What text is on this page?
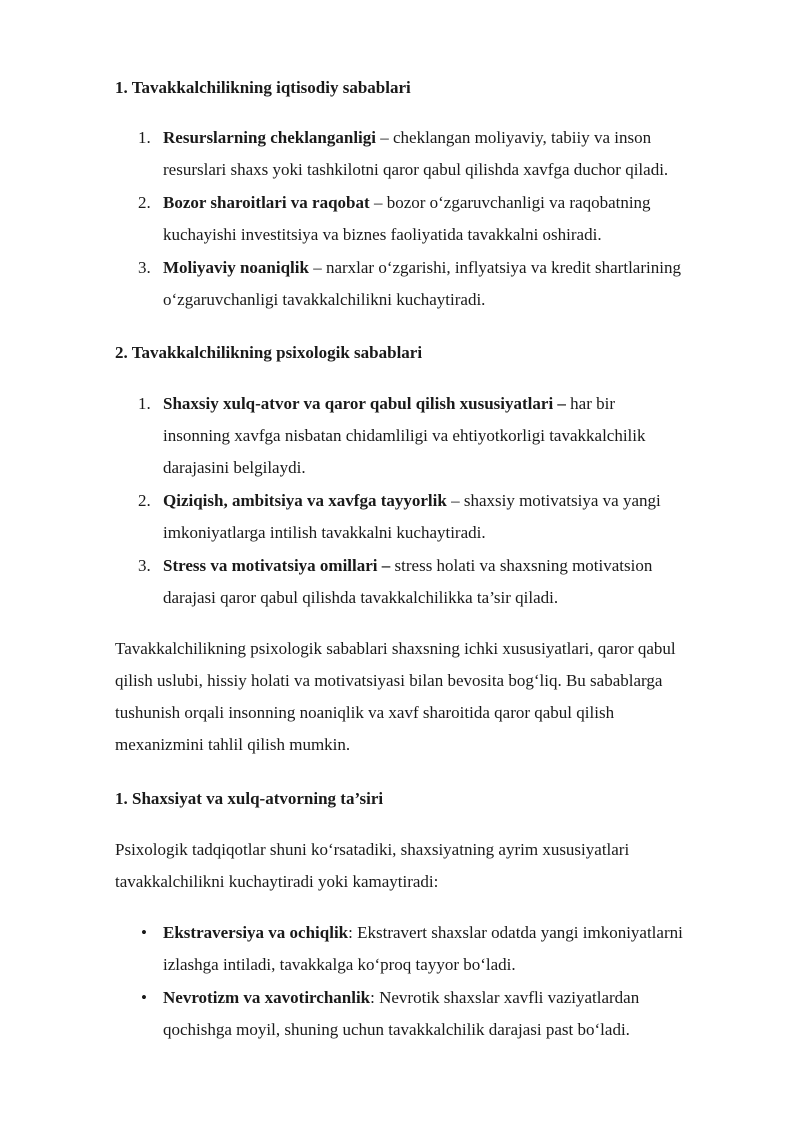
1. Tavakkalchilikning iqtisodiy sabablari
1. Resurslarning cheklanganligi – cheklangan moliyaviy, tabiiy va inson
resurslari shaxs yoki tashkilotni qaror qabul qilishda xavfga duchor qiladi.
2. Bozor sharoitlari va raqobat – bozor o‘zgaruvchanligi va raqobatning
kuchayishi investitsiya va biznes faoliyatida tavakkalni oshiradi.
3. Moliyaviy noaniqlik – narxlar o‘zgarishi, inflyatsiya va kredit shartlarining
o‘zgaruvchanligi tavakkalchilikni kuchaytiradi.
2. Tavakkalchilikning psixologik sabablari
1. Shaxsiy xulq-atvor va qaror qabul qilish xususiyatlari – har bir
insonning xavfga nisbatan chidamliligi va ehtiyotkorligi tavakkalchilik
darajasini belgilaydi.
2. Qiziqish, ambitsiya va xavfga tayyorlik – shaxsiy motivatsiya va yangi
imkoniyatlarga intilish tavakkalni kuchaytiradi.
3. Stress va motivatsiya omillari – stress holati va shaxsning motivatsion
darajasi qaror qabul qilishda tavakkalchilikka ta’sir qiladi.
Tavakkalchilikning psixologik sabablari shaxsning ichki xususiyatlari, qaror qabul
qilish uslubi, hissiy holati va motivatsiyasi bilan bevosita bog‘liq. Bu sabablarga
tushunish orqali insonning noaniqlik va xavf sharoitida qaror qabul qilish
mexanizmini tahlil qilish mumkin.
1. Shaxsiyat va xulq-atvorning ta’siri
Psixologik tadqiqotlar shuni ko‘rsatadiki, shaxsiyatning ayrim xususiyatlari
tavakkalchilikni kuchaytiradi yoki kamaytiradi:
• Ekstraversiya va ochiqlik: Ekstravert shaxslar odatda yangi imkoniyatlarni
izlashga intiladi, tavakkalga ko‘proq tayyor bo‘ladi.
• Nevrotizm va xavotirchanlik: Nevrotik shaxslar xavfli vaziyatlardan
qochishga moyil, shuning uchun tavakkalchilik darajasi past bo‘ladi.
